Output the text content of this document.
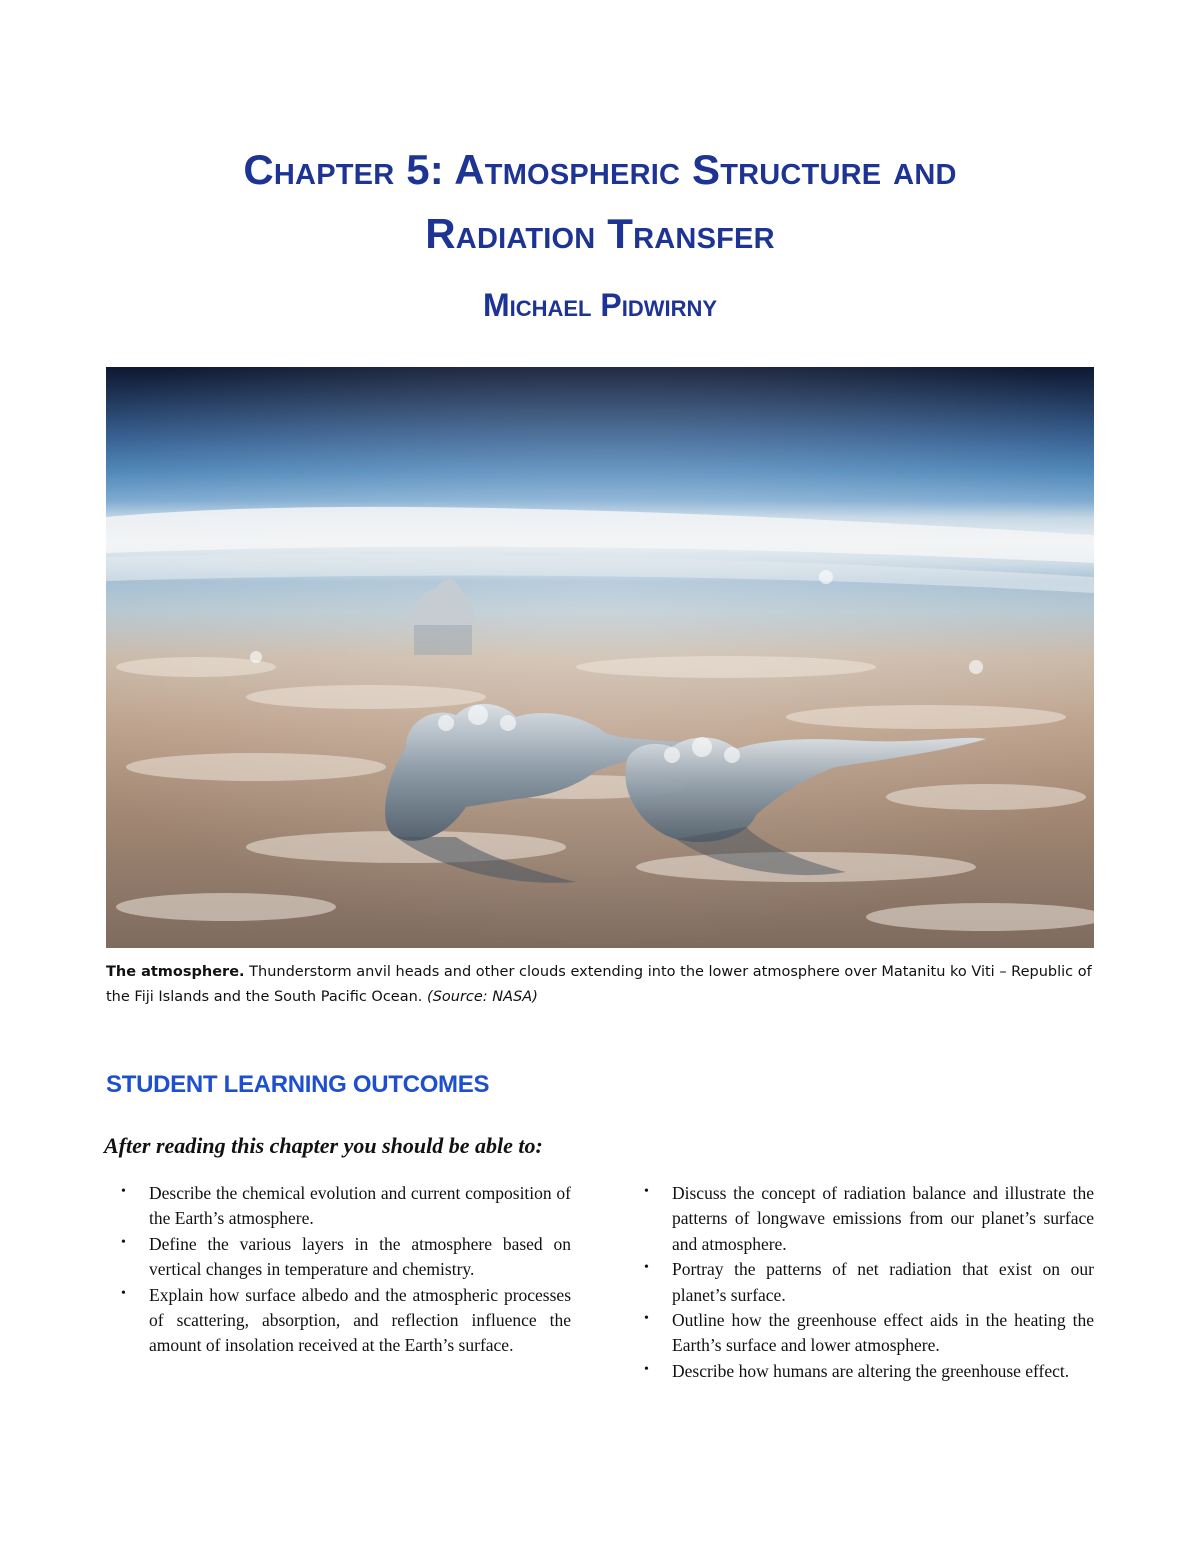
Chapter 5: Atmospheric Structure and
Radiation Transfer
Michael Pidwirny
The atmosphere. Thunderstorm anvil heads and other clouds extending into the lower atmosphere over Matanitu ko Viti – Republic of the Fiji Islands and the South Pacific Ocean. (Source: NASA)
STUDENT LEARNING OUTCOMES
After reading this chapter you should be able to:
•	Describe the chemical evolution and current composition of the Earth’s atmosphere.
•	Define the various layers in the atmosphere based on vertical changes in temperature and chemistry.
•	Explain how surface albedo and the atmospheric processes of scattering, absorption, and reflection influence the amount of insolation received at the Earth’s surface.
•	Discuss the concept of radiation balance and illustrate the patterns of longwave emissions from our planet’s surface and atmosphere.
•	Portray the patterns of net radiation that exist on our planet’s surface.
•	Outline how the greenhouse effect aids in the heating the Earth’s surface and lower atmosphere.
•	Describe how humans are altering the greenhouse effect.
